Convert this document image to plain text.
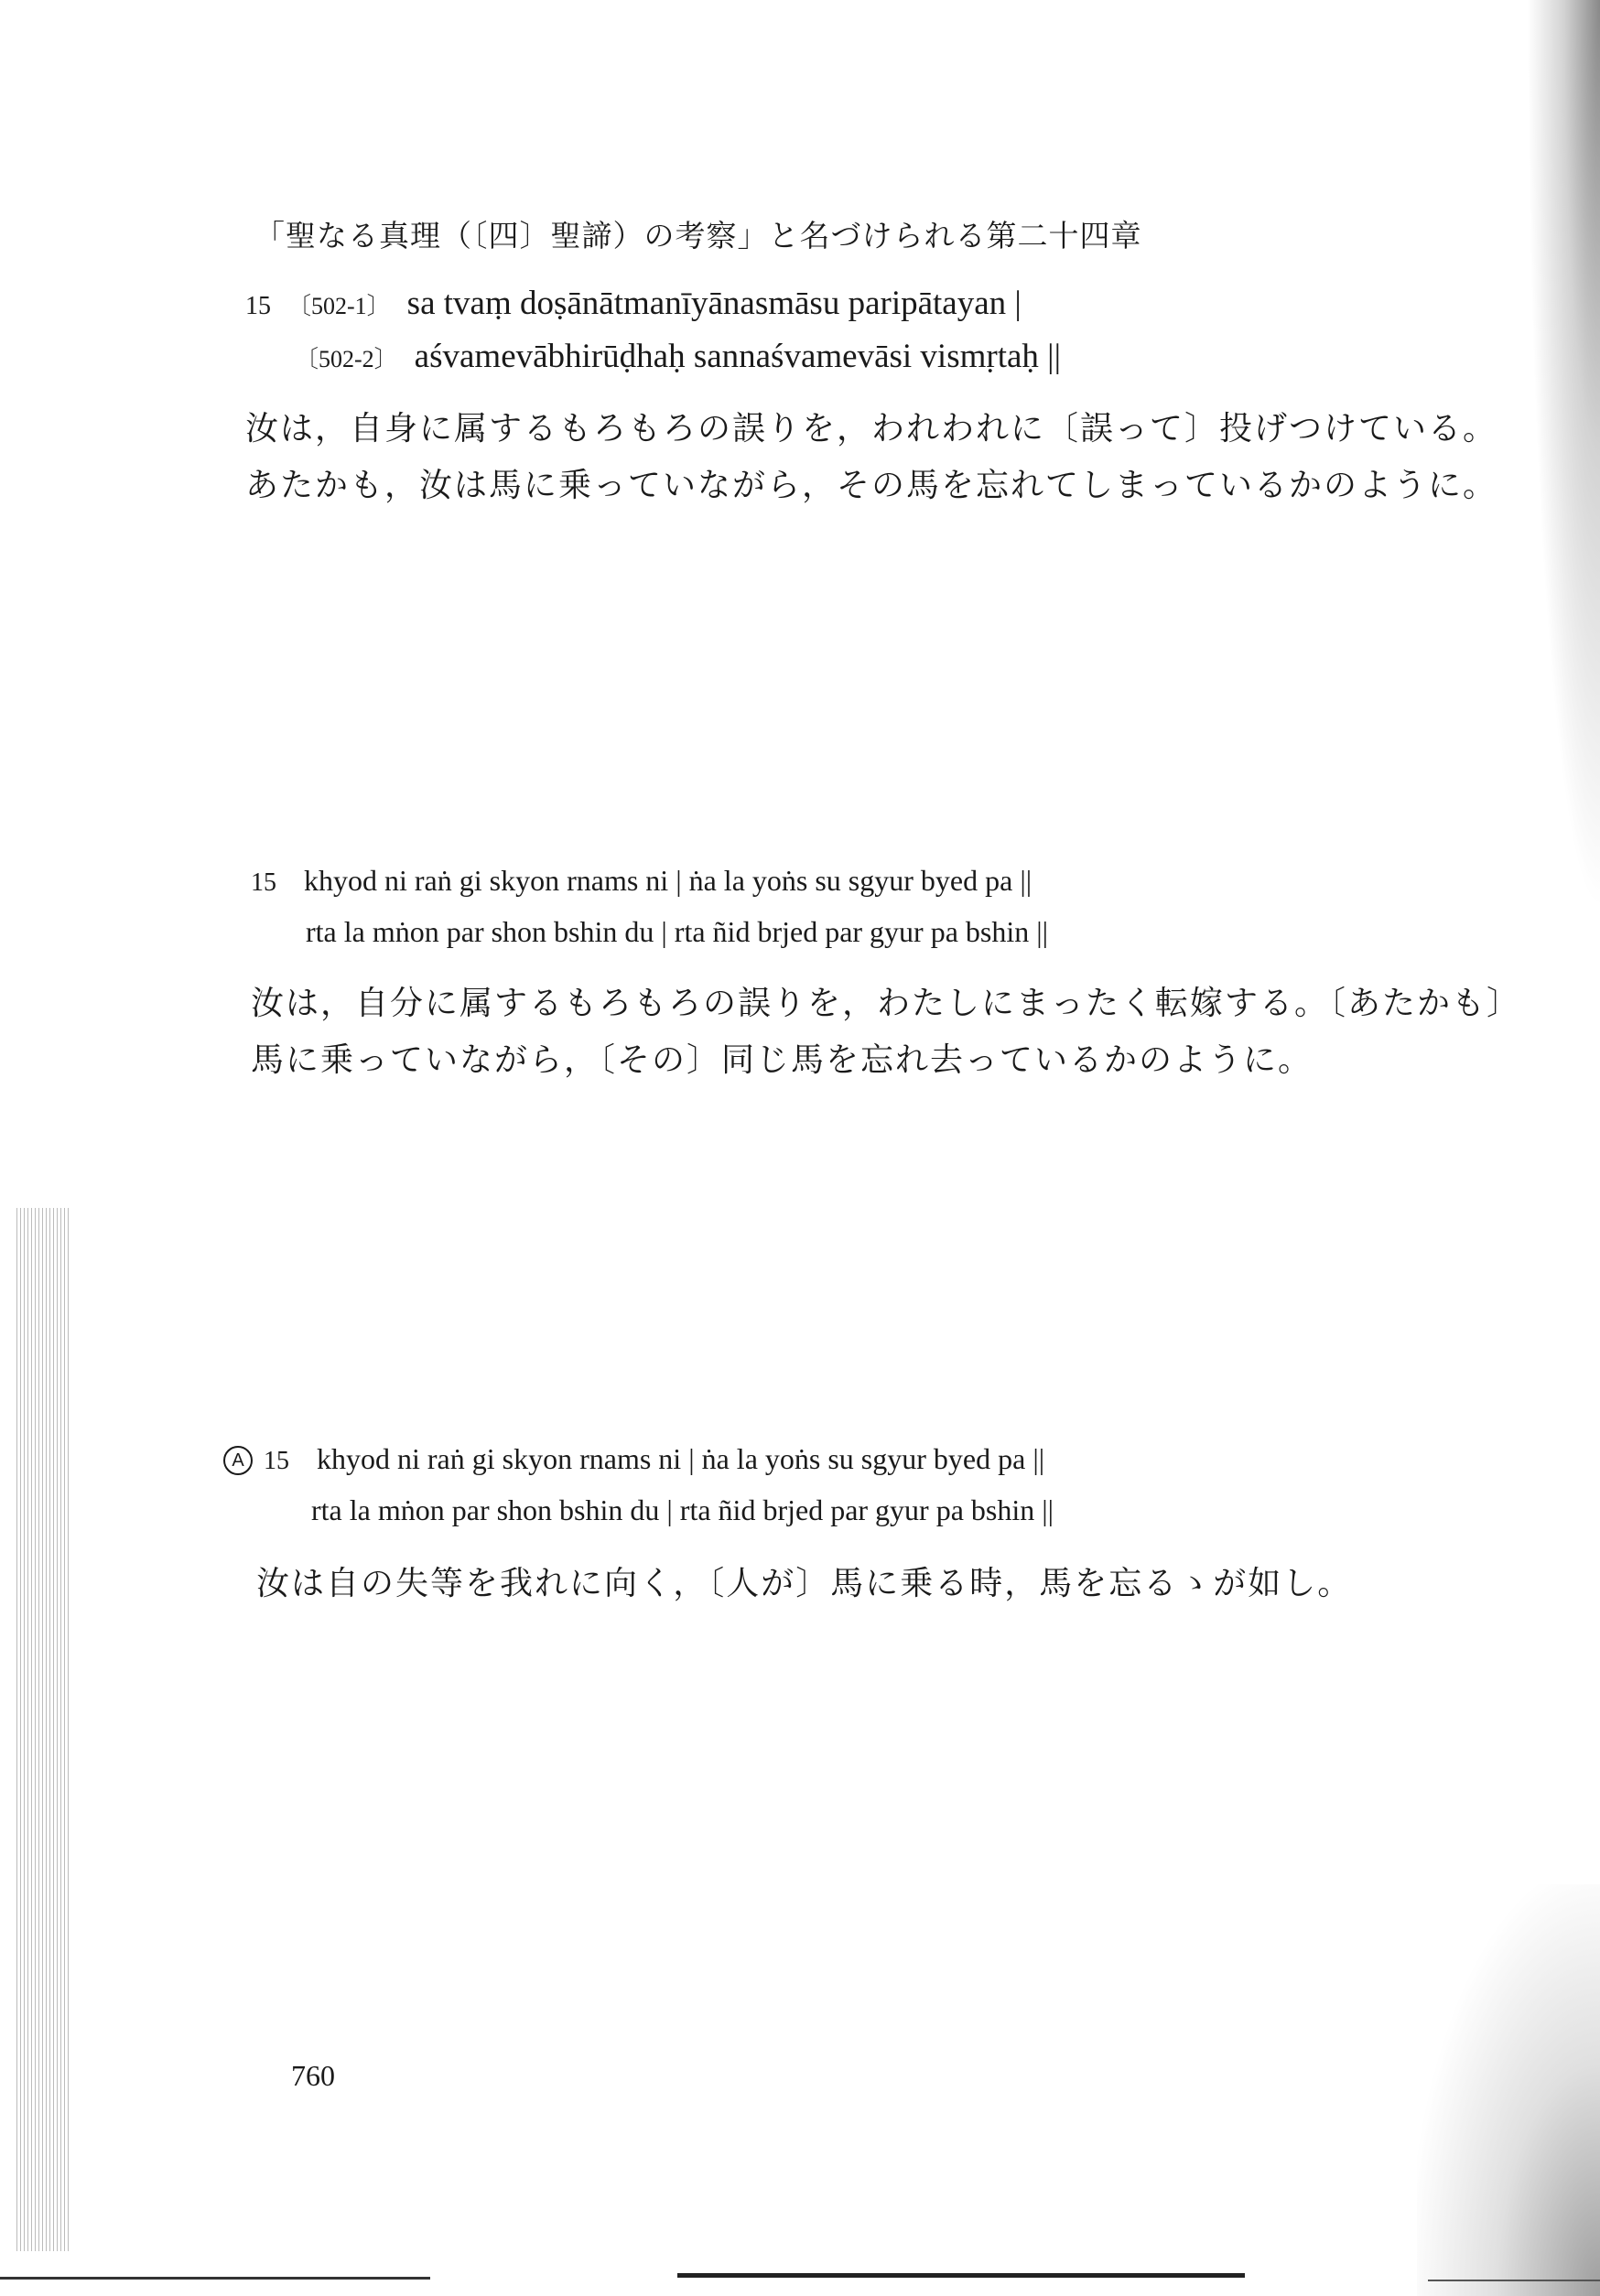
「聖なる真理（〔四〕聖諦）の考察」と名づけられる第二十四章
15 〔502-1〕 sa tvaṃ doṣānātmanīyānasmāsu paripātayan |
〔502-2〕 aśvamevābhirūḍhaḥ sannaśvamevāsi vismṛtaḥ ||
汝は，自身に属するもろもろの誤りを，われわれに〔誤って〕投げつけている。
あたかも，汝は馬に乗っていながら，その馬を忘れてしまっているかのように。
15 khyod ni raṅ gi skyon rnams ni | ṅa la yoṅs su sgyur byed pa ||
rta la mṅon par shon bshin du | rta ñid brjed par gyur pa bshin ||
汝は，自分に属するもろもろの誤りを，わたしにまったく転嫁する。〔あたかも〕
馬に乗っていながら，〔その〕同じ馬を忘れ去っているかのように。
A 15 khyod ni raṅ gi skyon rnams ni | ṅa la yoṅs su sgyur byed pa ||
rta la mṅon par shon bshin du | rta ñid brjed par gyur pa bshin ||
汝は自の失等を我れに向く，〔人が〕馬に乗る時，馬を忘るゝが如し。
760
